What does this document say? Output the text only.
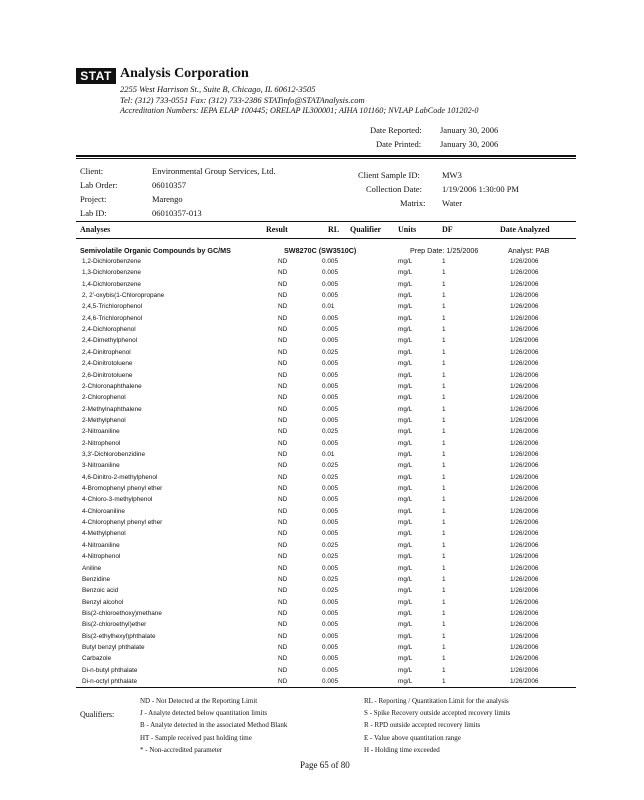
STAT Analysis Corporation
2255 West Harrison St., Suite B, Chicago, IL 60612-3505
Tel: (312) 733-0551 Fax: (312) 733-2386 STATinfo@STATAnalysis.com
Accreditation Numbers: IEPA ELAP 100445; ORELAP IL300001; AIHA 101160; NVLAP LabCode 101202-0
Date Reported: January 30, 2006
Date Printed: January 30, 2006
Client:	Environmental Group Services, Ltd.
Lab Order:	06010357
Project:	Marengo
Lab ID:	06010357-013
Client Sample ID:	MW3
Collection Date: 1/19/2006 1:30:00 PM
Matrix: Water
Analyses	Result	RL Qualifier Units	DF	Date Analyzed
Semivolatile Organic Compounds by GC/MS	SW8270C (SW3510C)	Prep Date: 1/25/2006	Analyst: PAB
1,2-Dichlorobenzene	ND	0.005	mg/L	1	1/26/2006
1,3-Dichlorobenzene	ND	0.005	mg/L	1	1/26/2006
1,4-Dichlorobenzene	ND	0.005	mg/L	1	1/26/2006
2, 2'-oxybis(1-Chloropropane	ND	0.005	mg/L	1	1/26/2006
2,4,5-Trichlorophenol	ND	0.01	mg/L	1	1/26/2006
2,4,6-Trichlorophenol	ND	0.005	mg/L	1	1/26/2006
2,4-Dichlorophenol	ND	0.005	mg/L	1	1/26/2006
2,4-Dimethylphenol	ND	0.005	mg/L	1	1/26/2006
2,4-Dinitrophenol	ND	0.025	mg/L	1	1/26/2006
2,4-Dinitrotoluene	ND	0.005	mg/L	1	1/26/2006
2,6-Dinitrotoluene	ND	0.005	mg/L	1	1/26/2006
2-Chloronaphthalene	ND	0.005	mg/L	1	1/26/2006
2-Chlorophenol	ND	0.005	mg/L	1	1/26/2006
2-Methylnaphthalene	ND	0.005	mg/L	1	1/26/2006
2-Methylphenol	ND	0.005	mg/L	1	1/26/2006
2-Nitroaniline	ND	0.025	mg/L	1	1/26/2006
2-Nitrophenol	ND	0.005	mg/L	1	1/26/2006
3,3'-Dichlorobenzidine	ND	0.01	mg/L	1	1/26/2006
3-Nitroaniline	ND	0.025	mg/L	1	1/26/2006
4,6-Dinitro-2-methylphenol	ND	0.025	mg/L	1	1/26/2006
4-Bromophenyl phenyl ether	ND	0.005	mg/L	1	1/26/2006
4-Chloro-3-methylphenol	ND	0.005	mg/L	1	1/26/2006
4-Chloroaniline	ND	0.005	mg/L	1	1/26/2006
4-Chlorophenyl phenyl ether	ND	0.005	mg/L	1	1/26/2006
4-Methylphenol	ND	0.005	mg/L	1	1/26/2006
4-Nitroaniline	ND	0.025	mg/L	1	1/26/2006
4-Nitrophenol	ND	0.025	mg/L	1	1/26/2006
Aniline	ND	0.005	mg/L	1	1/26/2006
Benzidine	ND	0.025	mg/L	1	1/26/2006
Benzoic acid	ND	0.025	mg/L	1	1/26/2006
Benzyl alcohol	ND	0.005	mg/L	1	1/26/2006
Bis(2-chloroethoxy)methane	ND	0.005	mg/L	1	1/26/2006
Bis(2-chloroethyl)ether	ND	0.005	mg/L	1	1/26/2006
Bis(2-ethylhexyl)phthalate	ND	0.005	mg/L	1	1/26/2006
Butyl benzyl phthalate	ND	0.005	mg/L	1	1/26/2006
Carbazole	ND	0.005	mg/L	1	1/26/2006
Di-n-butyl phthalate	ND	0.005	mg/L	1	1/26/2006
Di-n-octyl phthalate	ND	0.005	mg/L	1	1/26/2006
Qualifiers:
ND - Not Detected at the Reporting Limit
J - Analyte detected below quantitation limits
B - Analyte detected in the associated Method Blank
HT - Sample received past holding time
* - Non-accredited parameter
RL - Reporting / Quantitation Limit for the analysis
S - Spike Recovery outside accepted recovery limits
R - RPD outside accepted recovery limits
E - Value above quantitation range
H - Holding time exceeded
Page 65 of 80
